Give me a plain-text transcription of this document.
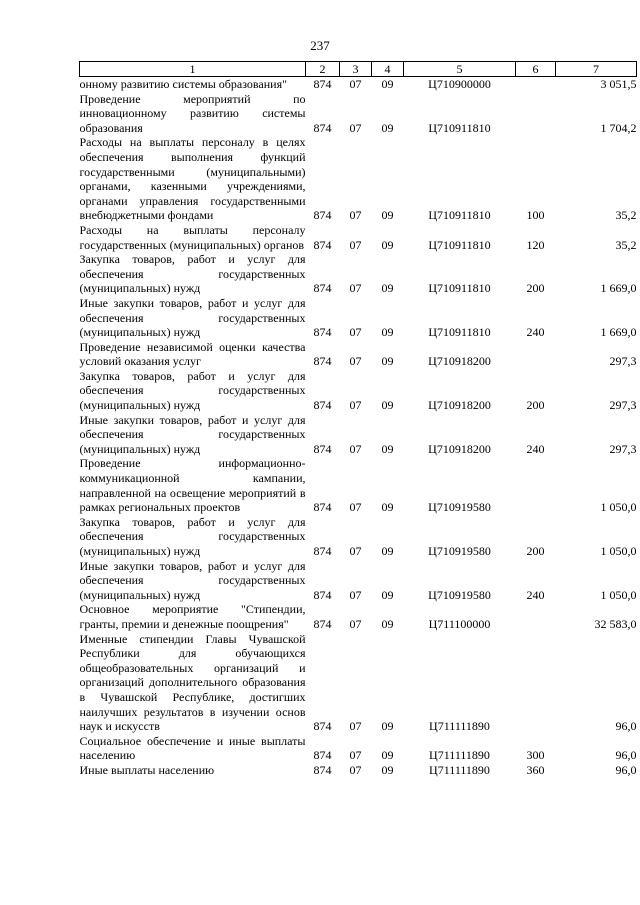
237
1	2	3	4	5	6	7
онному развитию системы образования"	874	07	09	Ц710900000		3 051,5
Проведение мероприятий по инновационному развитию системы образования	874	07	09	Ц710911810		1 704,2
Расходы на выплаты персоналу в целях обеспечения выполнения функций государственными (муниципальными) органами, казенными учреждениями, органами управления государственными внебюджетными фондами	874	07	09	Ц710911810	100	35,2
Расходы на выплаты персоналу государственных (муниципальных) органов	874	07	09	Ц710911810	120	35,2
Закупка товаров, работ и услуг для обеспечения государственных (муниципальных) нужд	874	07	09	Ц710911810	200	1 669,0
Иные закупки товаров, работ и услуг для обеспечения государственных (муниципальных) нужд	874	07	09	Ц710911810	240	1 669,0
Проведение независимой оценки качества условий оказания услуг	874	07	09	Ц710918200		297,3
Закупка товаров, работ и услуг для обеспечения государственных (муниципальных) нужд	874	07	09	Ц710918200	200	297,3
Иные закупки товаров, работ и услуг для обеспечения государственных (муниципальных) нужд	874	07	09	Ц710918200	240	297,3
Проведение информационно-коммуникационной кампании, направленной на освещение мероприятий в рамках региональных проектов	874	07	09	Ц710919580		1 050,0
Закупка товаров, работ и услуг для обеспечения государственных (муниципальных) нужд	874	07	09	Ц710919580	200	1 050,0
Иные закупки товаров, работ и услуг для обеспечения государственных (муниципальных) нужд	874	07	09	Ц710919580	240	1 050,0
Основное мероприятие "Стипендии, гранты, премии и денежные поощрения"	874	07	09	Ц711100000		32 583,0
Именные стипендии Главы Чувашской Республики для обучающихся общеобразовательных организаций и организаций дополнительного образования в Чувашской Республике, достигших наилучших результатов в изучении основ наук и искусств	874	07	09	Ц711111890		96,0
Социальное обеспечение и иные выплаты населению	874	07	09	Ц711111890	300	96,0
Иные выплаты населению	874	07	09	Ц711111890	360	96,0
